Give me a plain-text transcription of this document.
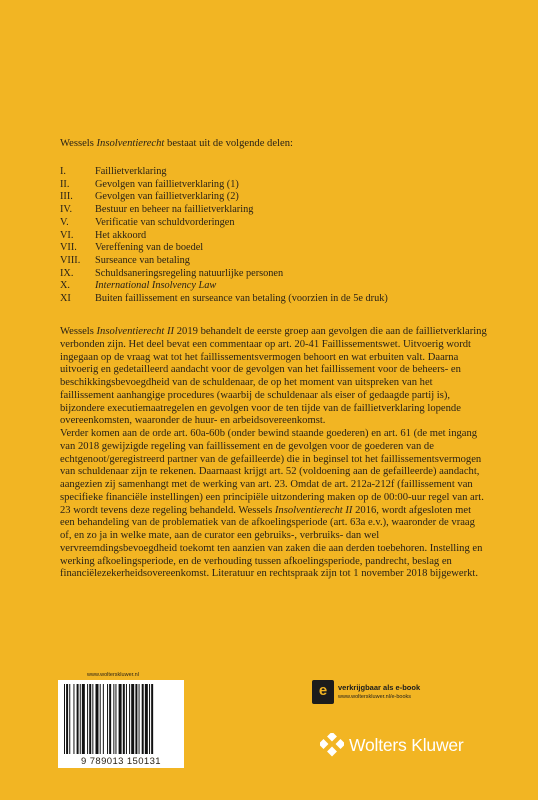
Wessels Insolventierecht bestaat uit de volgende delen:
I.	Faillietverklaring
II.	Gevolgen van faillietverklaring (1)
III.	Gevolgen van faillietverklaring (2)
IV.	Bestuur en beheer na faillietverklaring
V.	Verificatie van schuldvorderingen
VI.	Het akkoord
VII.	Vereffening van de boedel
VIII.	Surseance van betaling
IX.	Schuldsaneringsregeling natuurlijke personen
X.	International Insolvency Law
XI	Buiten faillissement en surseance van betaling (voorzien in de 5e druk)

Wessels Insolventierecht II 2019 behandelt de eerste groep aan gevolgen die aan de faillietverklaring verbonden zijn. Het deel bevat een commentaar op art. 20-41 Faillissementswet. Uitvoerig wordt ingegaan op de vraag wat tot het faillissementsvermogen behoort en wat erbuiten valt. Daarna uitvoerig en gedetailleerd aandacht voor de gevolgen van het faillissement voor de beheers- en beschikkingsbevoegdheid van de schuldenaar, de op het moment van uitspreken van het faillissement aanhangige procedures (waarbij de schuldenaar als eiser of gedaagde partij is), bijzondere executiemaatregelen en gevolgen voor de ten tijde van de faillietverklaring lopende overeenkomsten, waaronder de huur- en arbeidsovereenkomst.

Verder komen aan de orde art. 60a-60b (onder bewind staande goederen) en art. 61 (de met ingang van 2018 gewijzigde regeling van faillissement en de gevolgen voor de goederen van de echtgenoot/geregistreerd partner van de gefailleerde) die in beginsel tot het faillissementsvermogen van schuldenaar zijn te rekenen. Daarnaast krijgt art. 52 (voldoening aan de gefailleerde) aandacht, aangezien zij samenhangt met de werking van art. 23. Omdat de art. 212a-212f (faillissement van specifieke financiële instellingen) een principiële uitzondering maken op de 00:00-uur regel van art. 23 wordt tevens deze regeling behandeld. Wessels Insolventierecht II 2016, wordt afgesloten met een behandeling van de problematiek van de afkoelingsperiode (art. 63a e.v.), waaronder de vraag of, en zo ja in welke mate, aan de curator een gebruiks-, verbruiks- dan wel vervreemdingsbevoegdheid toekomt ten aanzien van zaken die aan derden toebehoren. Instelling en werking afkoelingsperiode, en de verhouding tussen afkoelingsperiode, pandrecht, beslag en financiëlezekerheidsovereenkomst. Literatuur en rechtspraak zijn tot 1 november 2018 bijgewerkt.

www.wolterskluwer.nl
9 789013 150131
e	verkrijgbaar als e-book
www.wolterskluwer.nl/e-books
Wolters Kluwer
